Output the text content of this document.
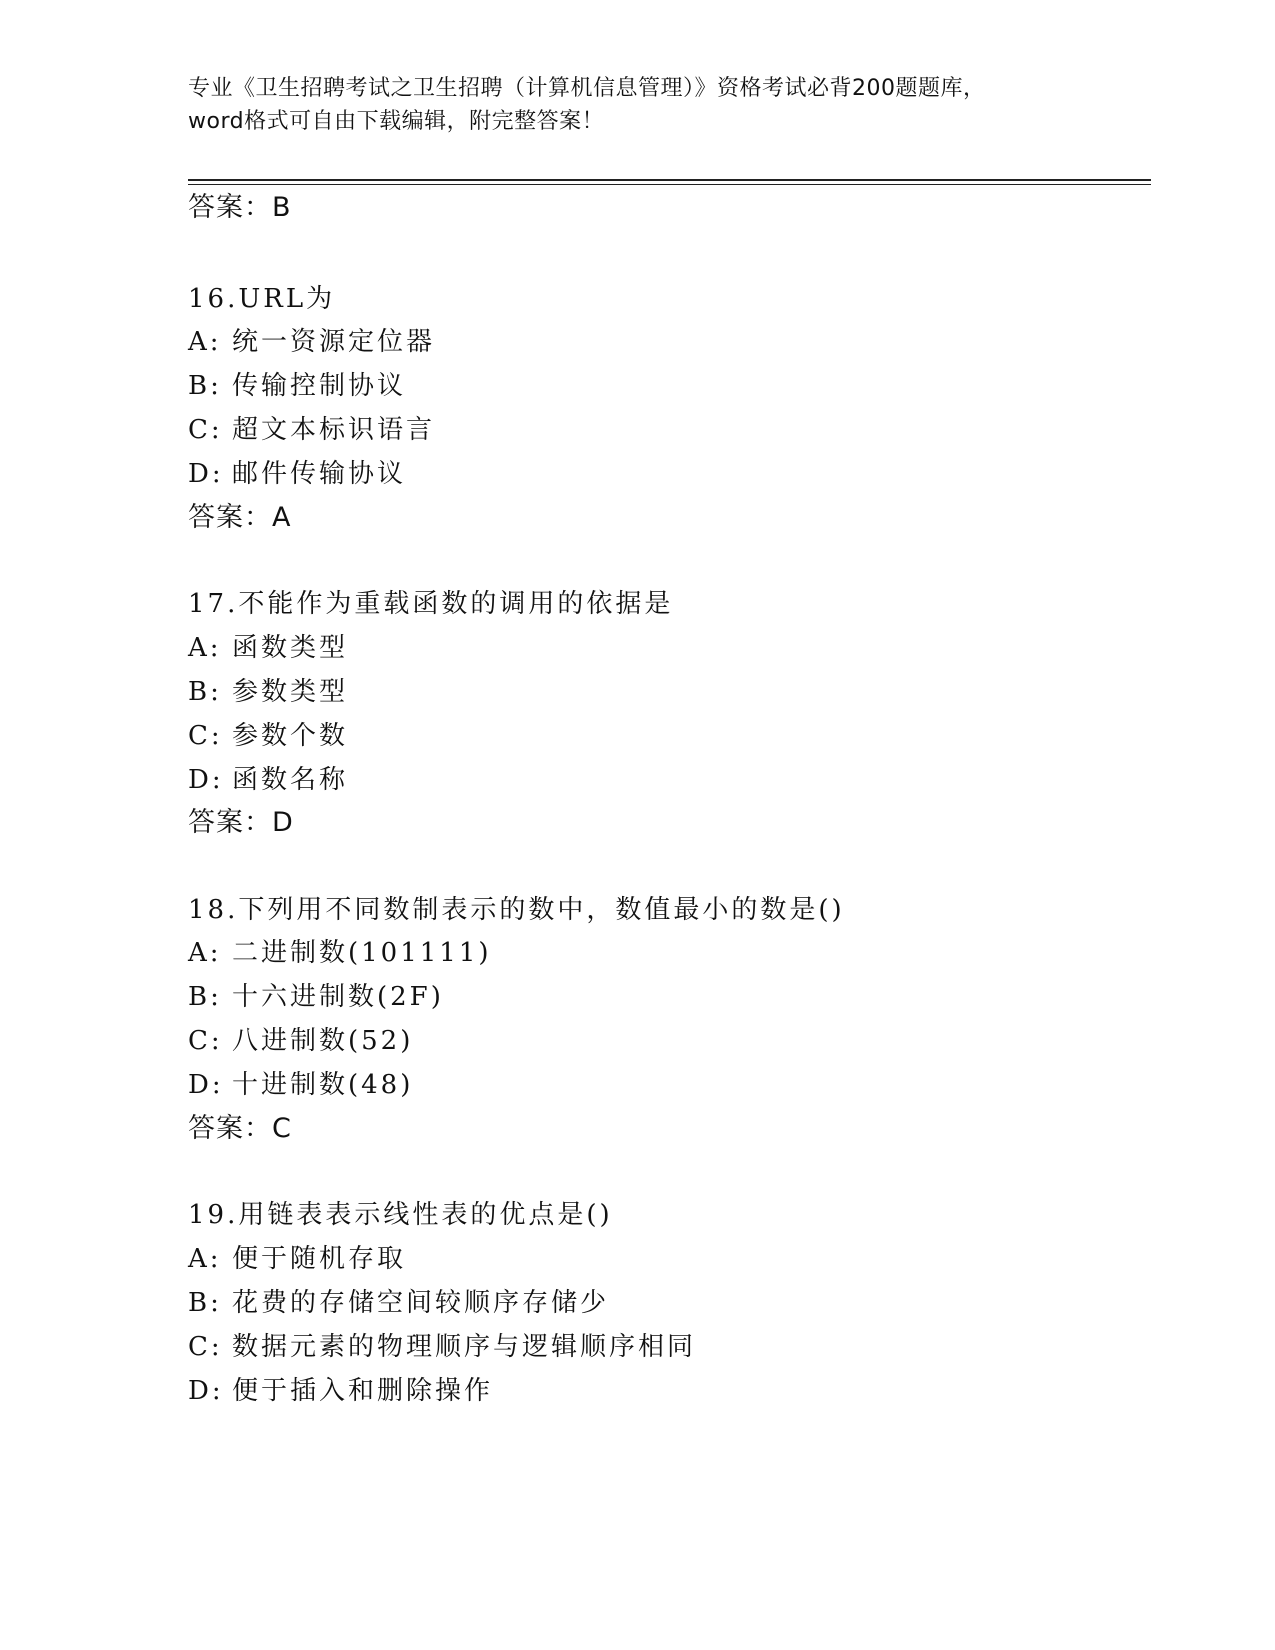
专业《卫生招聘考试之卫生招聘（计算机信息管理）》资格考试必背200题题库，
word格式可自由下载编辑，附完整答案！
答案：B
16.URL为
A: 统一资源定位器
B: 传输控制协议
C: 超文本标识语言
D: 邮件传输协议
答案：A
17.不能作为重载函数的调用的依据是
A: 函数类型
B: 参数类型
C: 参数个数
D: 函数名称
答案：D
18.下列用不同数制表示的数中，数值最小的数是()
A: 二进制数(101111)
B: 十六进制数(2F)
C: 八进制数(52)
D: 十进制数(48)
答案：C
19.用链表表示线性表的优点是()
A: 便于随机存取
B: 花费的存储空间较顺序存储少
C: 数据元素的物理顺序与逻辑顺序相同
D: 便于插入和删除操作
